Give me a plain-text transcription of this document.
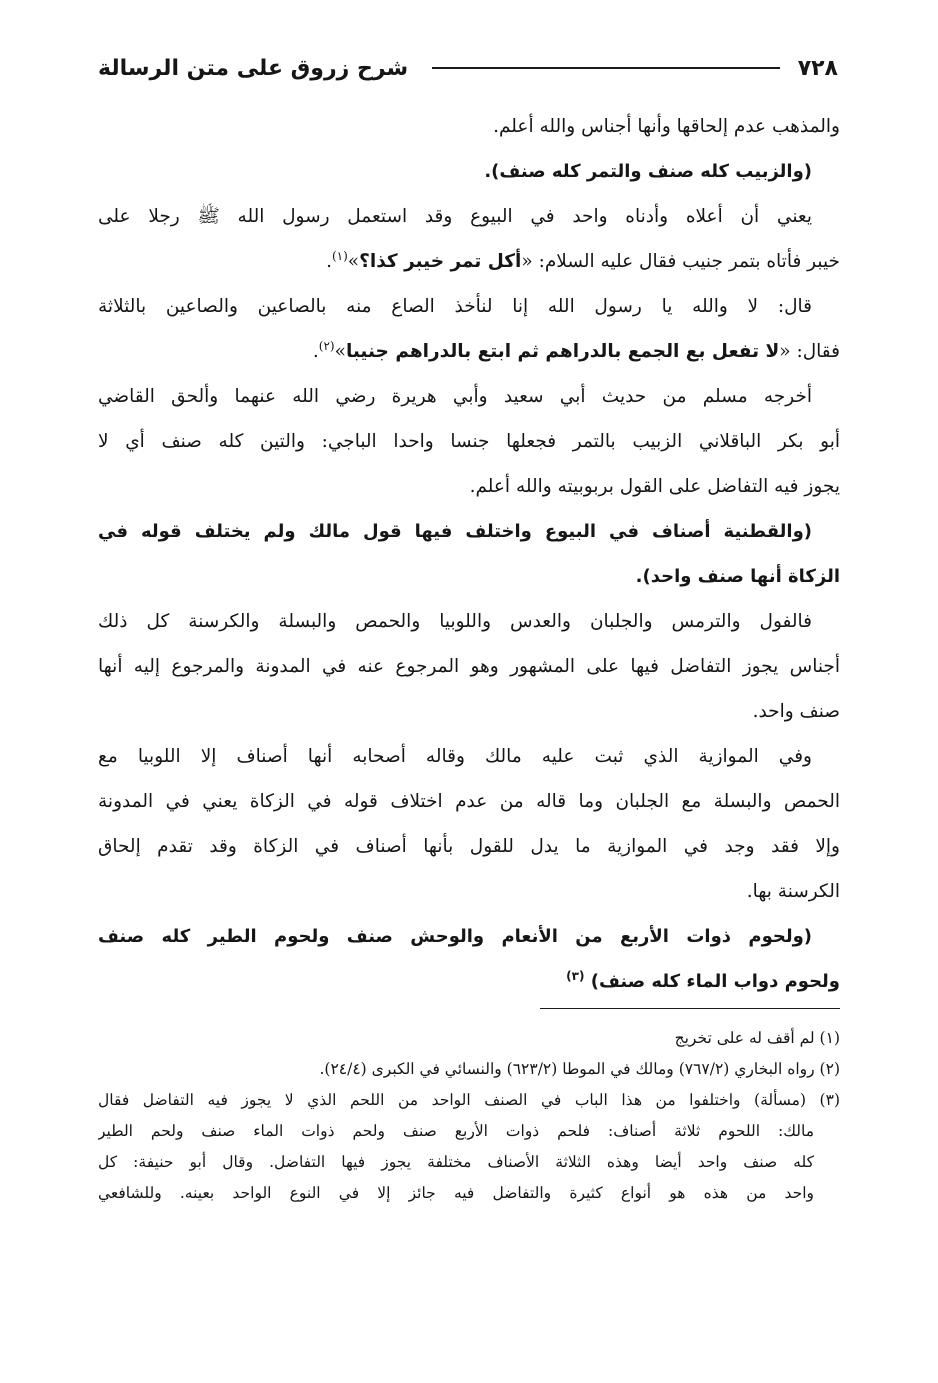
٧٢٨
شرح زروق على متن الرسالة
والمذهب عدم إلحاقها وأنها أجناس والله أعلم.
(والزبيب كله صنف والتمر كله صنف).
يعني أن أعلاه وأدناه واحد في البيوع وقد استعمل رسول الله ﷺ رجلا على
خيبر فأتاه بتمر جنيب فقال عليه السلام: «أكل تمر خيبر كذا؟»$^{(١)}$.
قال: لا والله يا رسول الله إنا لنأخذ الصاع منه بالصاعين والصاعين بالثلاثة
فقال: «لا تفعل بع الجمع بالدراهم ثم ابتع بالدراهم جنيبا»$^{(٢)}$.
أخرجه مسلم من حديث أبي سعيد وأبي هريرة رضي الله عنهما وألحق القاضي
أبو بكر الباقلاني الزبيب بالتمر فجعلها جنسا واحدا الباجي: والتين كله صنف أي لا
يجوز فيه التفاضل على القول بربوبيته والله أعلم.
(والقطنية أصناف في البيوع واختلف فيها قول مالك ولم يختلف قوله في
الزكاة أنها صنف واحد).
فالفول والترمس والجلبان والعدس واللوبيا والحمص والبسلة والكرسنة كل ذلك
أجناس يجوز التفاضل فيها على المشهور وهو المرجوع عنه في المدونة والمرجوع إليه أنها
صنف واحد.
وفي الموازية الذي ثبت عليه مالك وقاله أصحابه أنها أصناف إلا اللوبيا مع
الحمص والبسلة مع الجلبان وما قاله من عدم اختلاف قوله في الزكاة يعني في المدونة
وإلا فقد وجد في الموازية ما يدل للقول بأنها أصناف في الزكاة وقد تقدم إلحاق
الكرسنة بها.
(ولحوم ذوات الأربع من الأنعام والوحش صنف ولحوم الطير كله صنف
ولحوم دواب الماء كله صنف) $^{(٣)}$
(١) لم أقف له على تخريج
(٢) رواه البخاري (٧٦٧/٢) ومالك في الموطا (٦٢٣/٢) والنسائي في الكبرى (٢٤/٤).
(٣) (مسألة) واختلفوا من هذا الباب في الصنف الواحد من اللحم الذي لا يجوز فيه التفاضل فقال
مالك: اللحوم ثلاثة أصناف: فلحم ذوات الأربع صنف ولحم ذوات الماء صنف ولحم الطير
كله صنف واحد أيضا وهذه الثلاثة الأصناف مختلفة يجوز فيها التفاضل. وقال أبو حنيفة: كل
واحد من هذه هو أنواع كثيرة والتفاضل فيه جائز إلا في النوع الواحد بعينه. وللشافعي
